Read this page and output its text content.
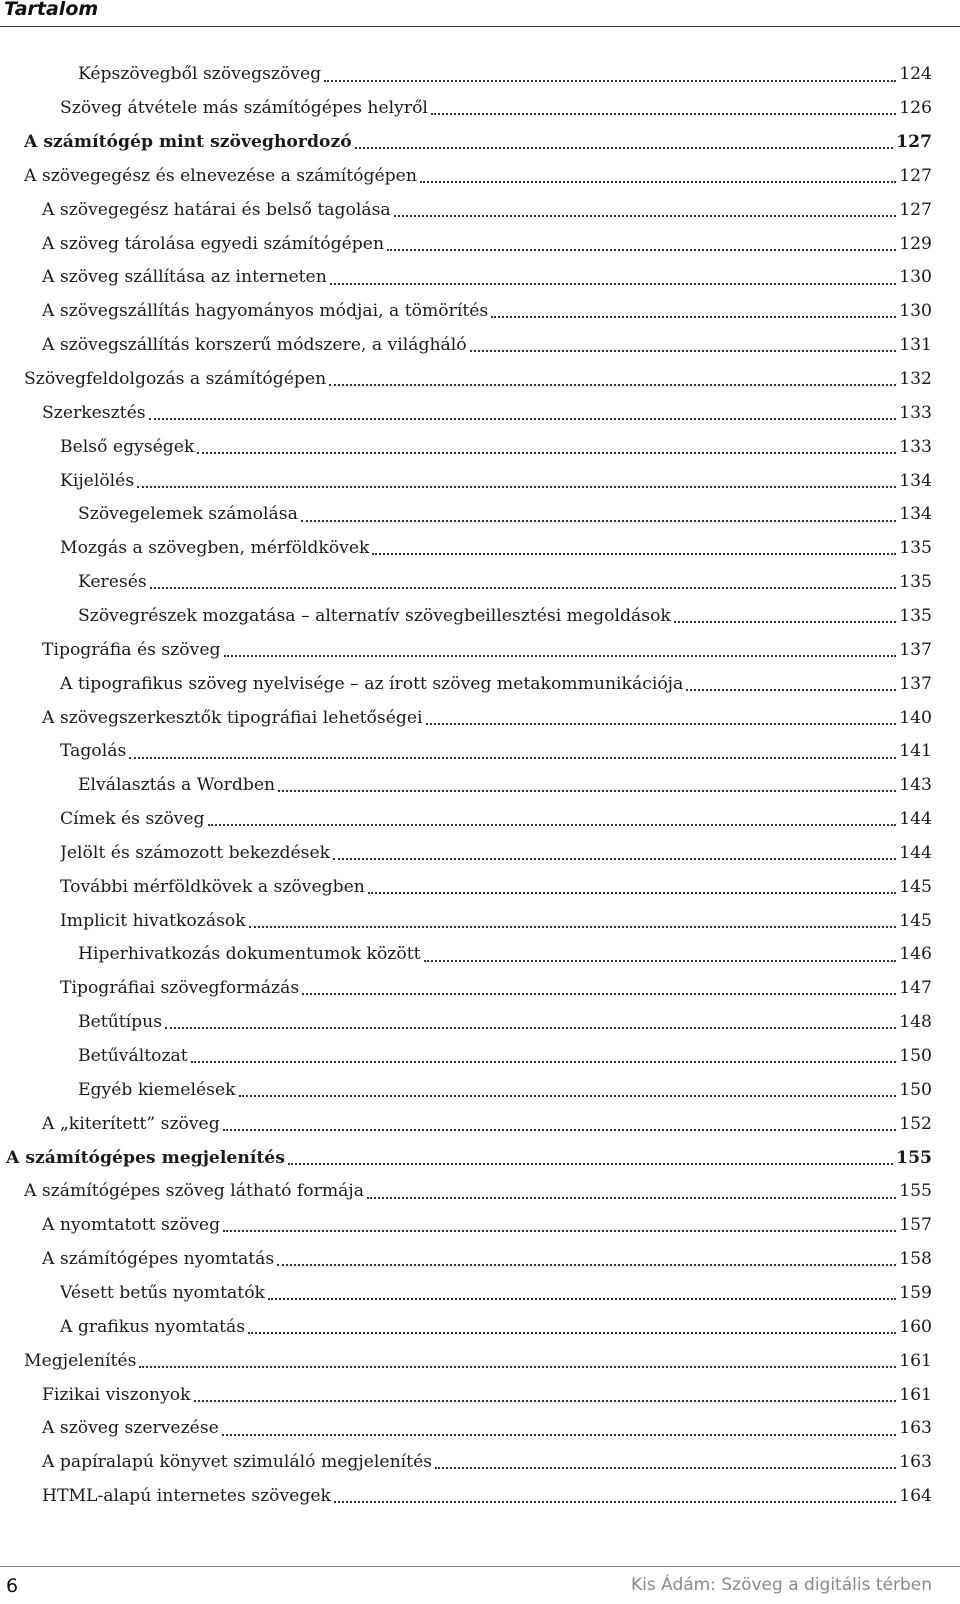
Tartalom
Képszövegből szövegszöveg	124
Szöveg átvétele más számítógépes helyről	126
A számítógép mint szöveghordozó	127
A szövegegész és elnevezése a számítógépen	127
A szövegegész határai és belső tagolása	127
A szöveg tárolása egyedi számítógépen	129
A szöveg szállítása az interneten	130
A szövegszállítás hagyományos módjai, a tömörítés	130
A szövegszállítás korszerű módszere, a világháló	131
Szövegfeldolgozás a számítógépen	132
Szerkesztés	133
Belső egységek	133
Kijelölés	134
Szövegelemek számolása	134
Mozgás a szövegben, mérföldkövek	135
Keresés	135
Szövegrészek mozgatása – alternatív szövegbeillesztési megoldások	135
Tipográfia és szöveg	137
A tipografikus szöveg nyelvisége – az írott szöveg metakommunikációja	137
A szövegszerkesztők tipográfiai lehetőségei	140
Tagolás	141
Elválasztás a Wordben	143
Címek és szöveg	144
Jelölt és számozott bekezdések	144
További mérföldkövek a szövegben	145
Implicit hivatkozások	145
Hiperhivatkozás dokumentumok között	146
Tipográfiai szövegformázás	147
Betűtípus	148
Betűváltozat	150
Egyéb kiemelések	150
A „kiterített” szöveg	152
A számítógépes megjelenítés	155
A számítógépes szöveg látható formája	155
A nyomtatott szöveg	157
A számítógépes nyomtatás	158
Vésett betűs nyomtatók	159
A grafikus nyomtatás	160
Megjelenítés	161
Fizikai viszonyok	161
A szöveg szervezése	163
A papíralapú könyvet szimuláló megjelenítés	163
HTML-alapú internetes szövegek	164
6	Kis Ádám: Szöveg a digitális térben
